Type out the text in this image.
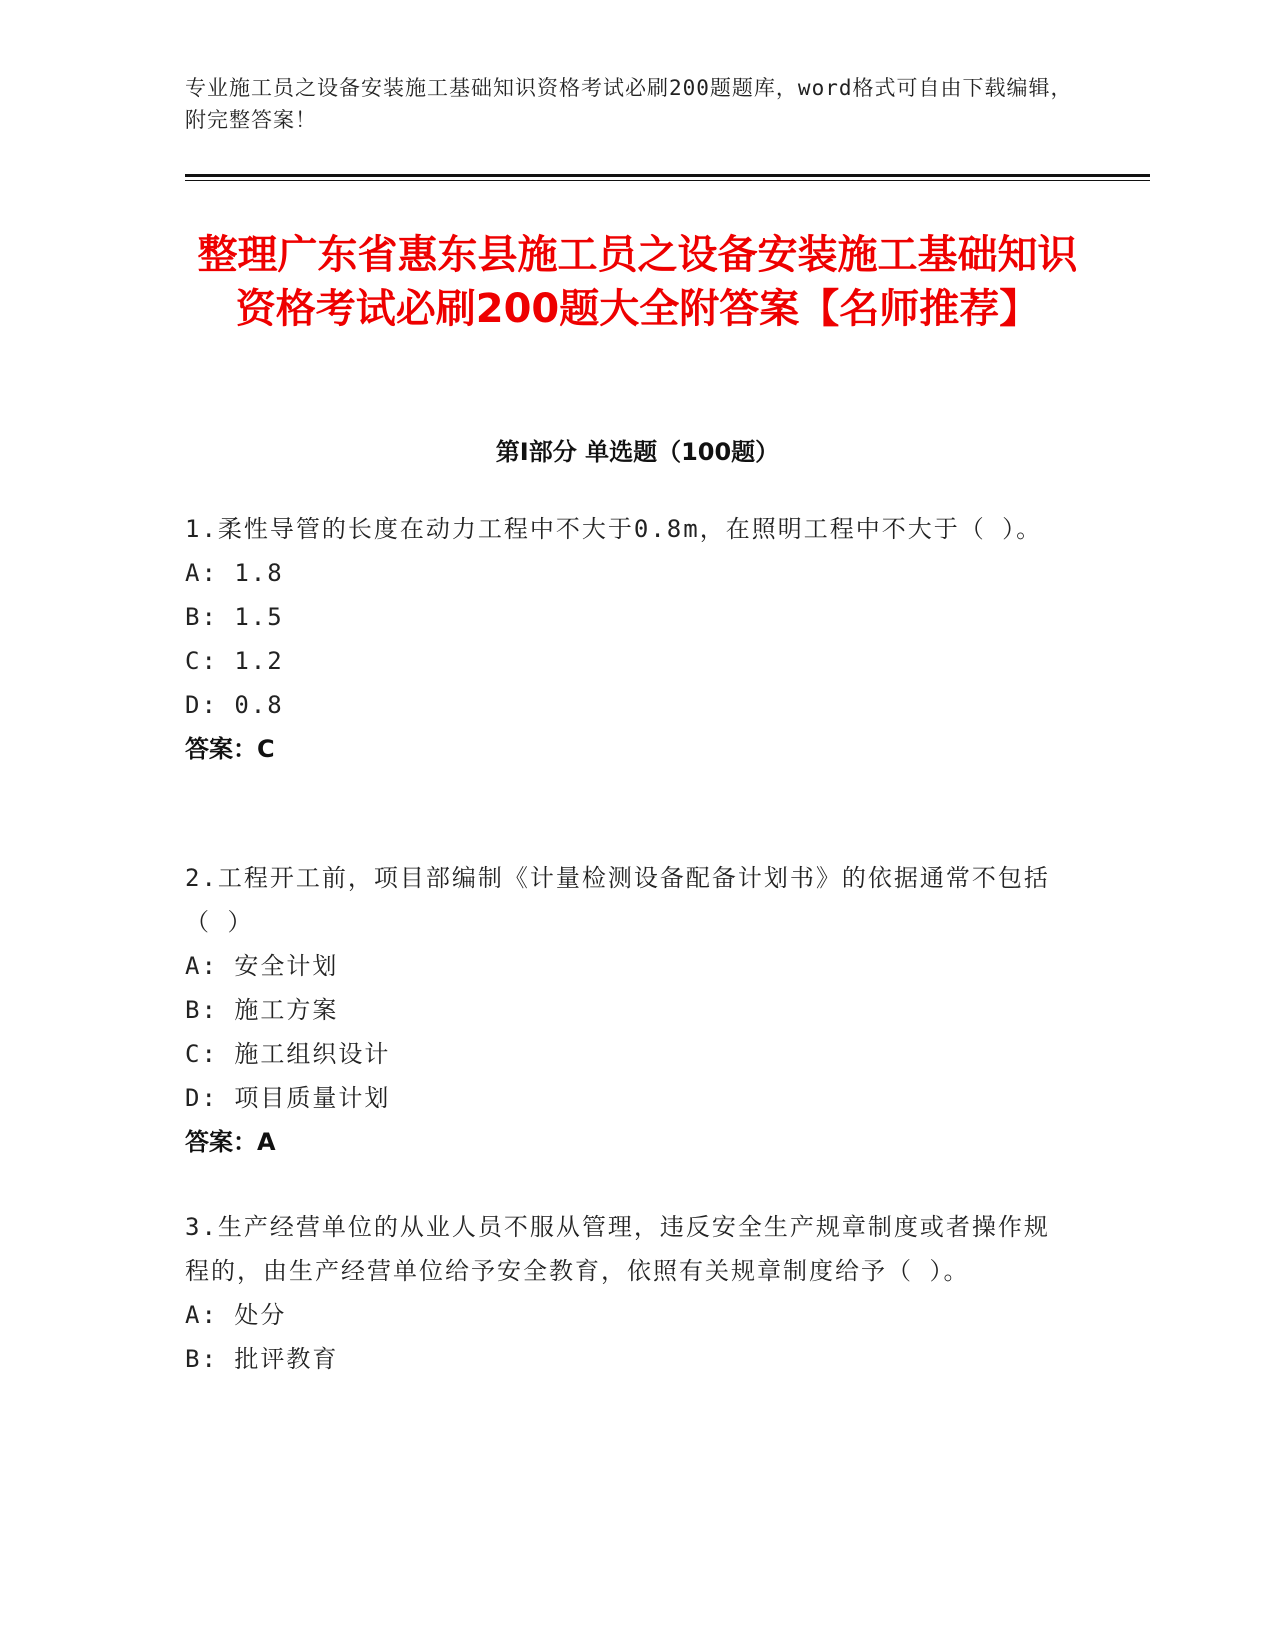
专业施工员之设备安装施工基础知识资格考试必刷200题题库，word格式可自由下载编辑，附完整答案！
整理广东省惠东县施工员之设备安装施工基础知识资格考试必刷200题大全附答案【名师推荐】
第Ⅰ部分 单选题（100题）
1.柔性导管的长度在动力工程中不大于0.8m，在照明工程中不大于（ ）。
A: 1.8
B: 1.5
C: 1.2
D: 0.8
答案：C
2.工程开工前，项目部编制《计量检测设备配备计划书》的依据通常不包括（ ）
A: 安全计划
B: 施工方案
C: 施工组织设计
D: 项目质量计划
答案：A
3.生产经营单位的从业人员不服从管理，违反安全生产规章制度或者操作规程的，由生产经营单位给予安全教育，依照有关规章制度给予（ ）。
A: 处分
B: 批评教育
